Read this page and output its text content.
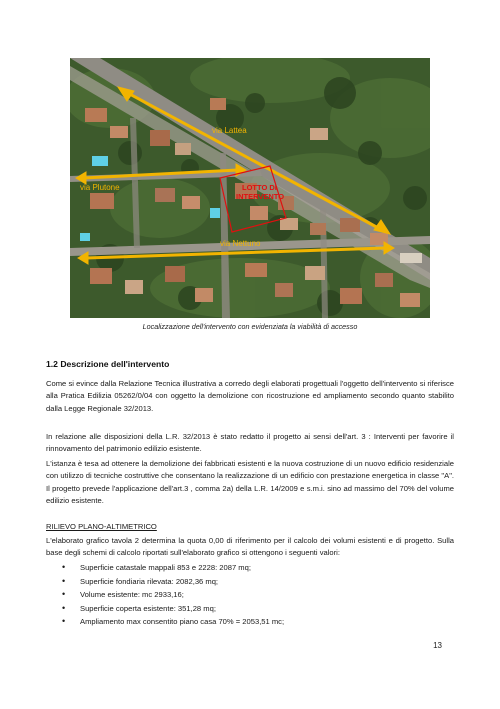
via Lattea
via Plutone
via Nettuno
LOTTO DI
INTERVENTO
Localizzazione dell'intervento con evidenziata la viabilità di accesso
1.2 Descrizione dell'intervento
Come si evince dalla Relazione Tecnica illustrativa a corredo degli elaborati progettuali l'oggetto dell'intervento si riferisce alla Pratica Edilizia 05262/0/04 con oggetto la demolizione con ricostruzione ed ampliamento secondo quanto stabilito dalla Legge Regionale 32/2013.
In relazione alle disposizioni della L.R. 32/2013 è stato redatto il progetto ai sensi dell'art. 3 : Interventi per favorire il rinnovamento del patrimonio edilizio esistente.
L'istanza è tesa ad ottenere la demolizione dei fabbricati esistenti e la nuova costruzione di un nuovo edificio residenziale con utilizzo di tecniche costruttive che consentano la realizzazione di un edificio con prestazione energetica in classe "A". Il progetto prevede l'applicazione dell'art.3 , comma 2a) della L.R. 14/2009 e s.m.i. sino ad massimo del 70% del volume edilizio esistente.
RILIEVO PLANO-ALTIMETRICO
L'elaborato grafico tavola 2 determina la quota 0,00 di riferimento per il calcolo dei volumi esistenti e di progetto. Sulla base degli schemi di calcolo riportati sull'elaborato grafico si ottengono i seguenti valori:
• Superficie catastale mappali 853 e 2228: 2087 mq;
• Superficie fondiaria rilevata: 2082,36 mq;
• Volume esistente: mc 2933,16;
• Superficie coperta esistente: 351,28 mq;
• Ampliamento max consentito piano casa 70% = 2053,51 mc;
13
